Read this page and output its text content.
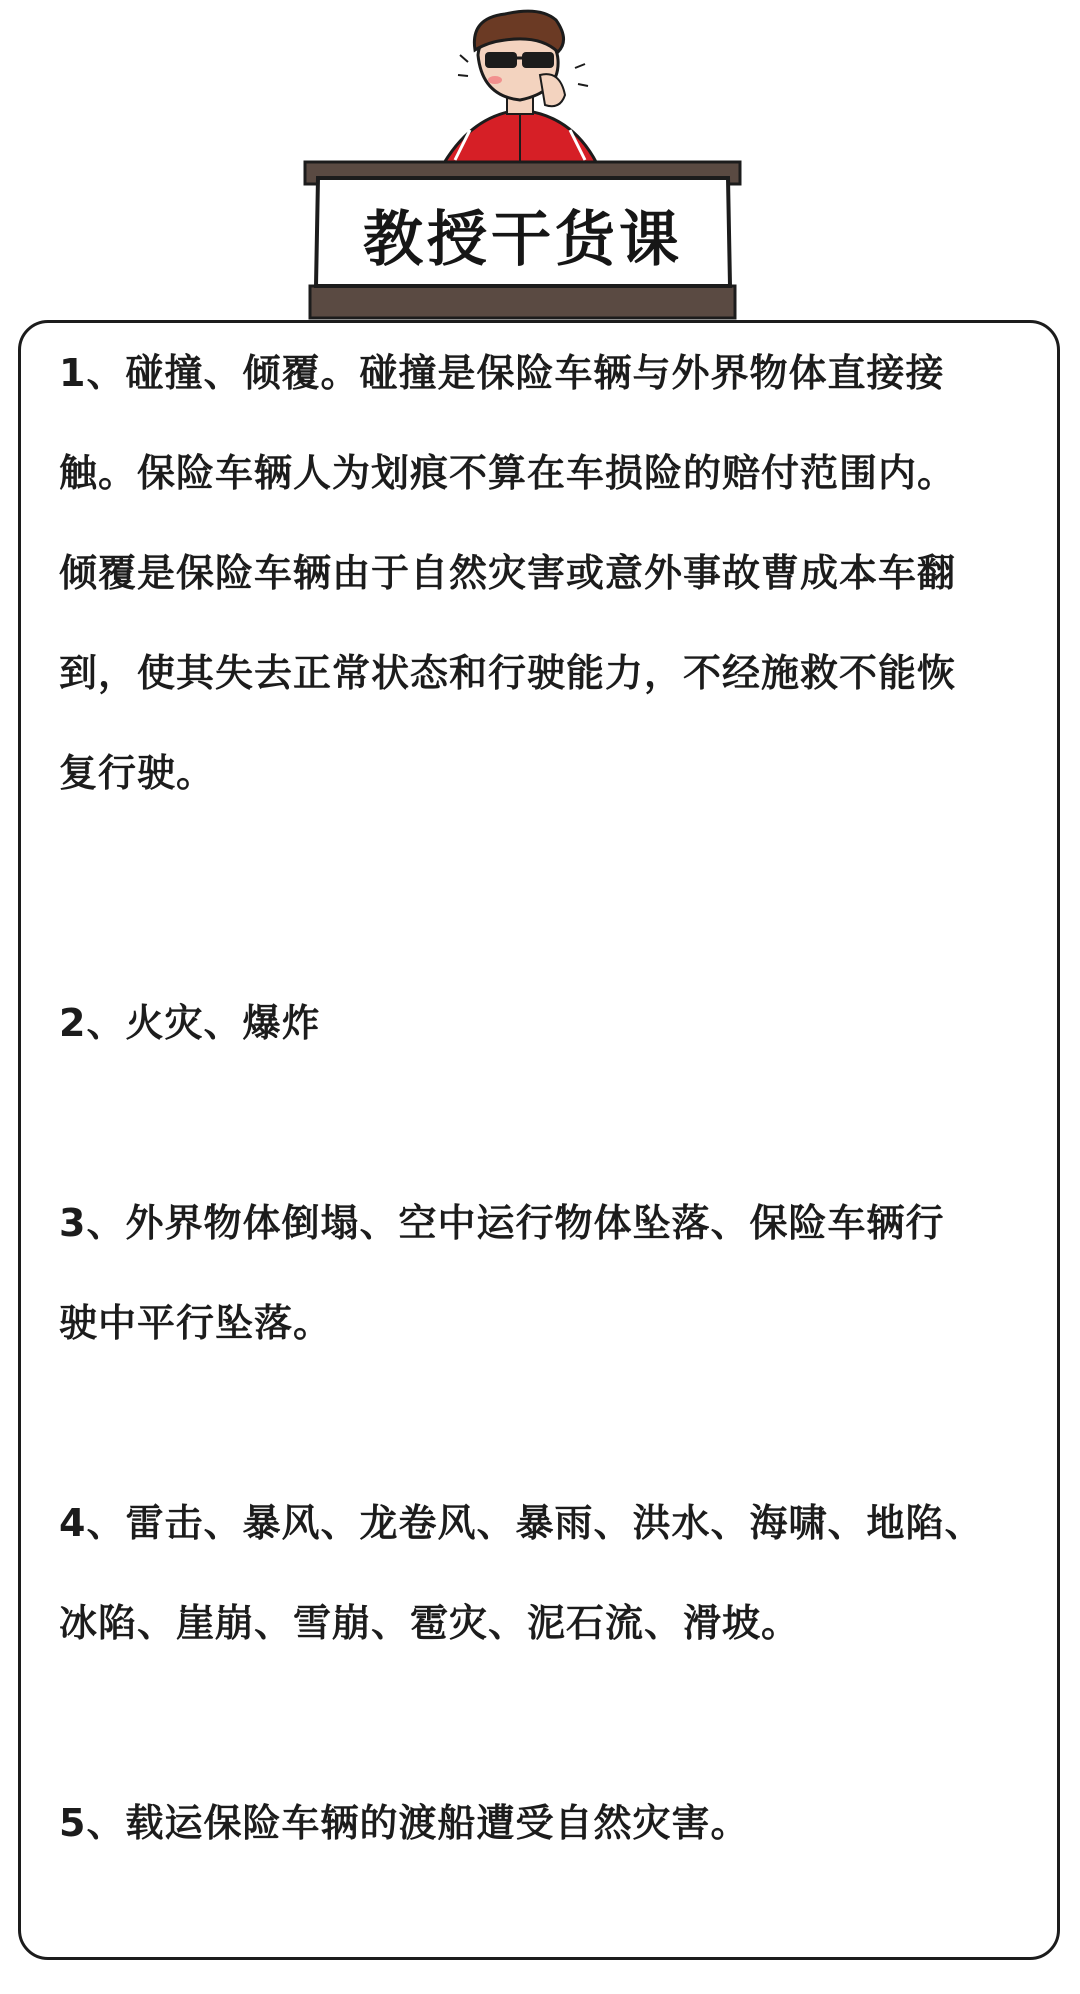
教授干货课
1、碰撞、倾覆。碰撞是保险车辆与外界物体直接接
触。保险车辆人为划痕不算在车损险的赔付范围内。
倾覆是保险车辆由于自然灾害或意外事故曹成本车翻
到，使其失去正常状态和行驶能力，不经施救不能恢
复行驶。
2、火灾、爆炸
3、外界物体倒塌、空中运行物体坠落、保险车辆行
驶中平行坠落。
4、雷击、暴风、龙卷风、暴雨、洪水、海啸、地陷、
冰陷、崖崩、雪崩、雹灾、泥石流、滑坡。
5、载运保险车辆的渡船遭受自然灾害。
